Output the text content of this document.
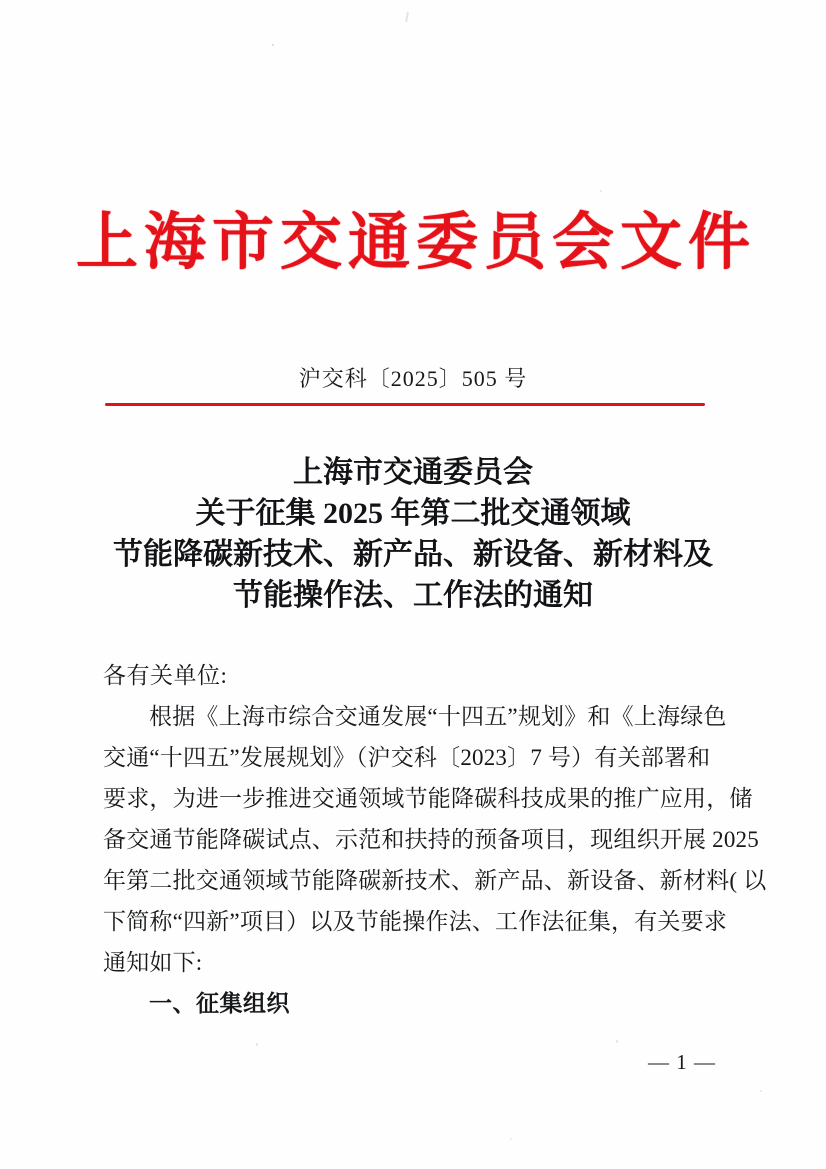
上海市交通委员会文件
沪交科〔2025〕505 号
上海市交通委员会
关于征集 2025 年第二批交通领域
节能降碳新技术、新产品、新设备、新材料及
节能操作法、工作法的通知
各有关单位:
根据《上海市综合交通发展“十四五”规划》和《上海绿色
交通“十四五”发展规划》（沪交科〔2023〕7 号）有关部署和
要求，为进一步推进交通领域节能降碳科技成果的推广应用，储
备交通节能降碳试点、示范和扶持的预备项目，现组织开展 2025
年第二批交通领域节能降碳新技术、新产品、新设备、新材料( 以
下简称“四新”项目）以及节能操作法、工作法征集，有关要求
通知如下:
一、征集组织
— 1 —
